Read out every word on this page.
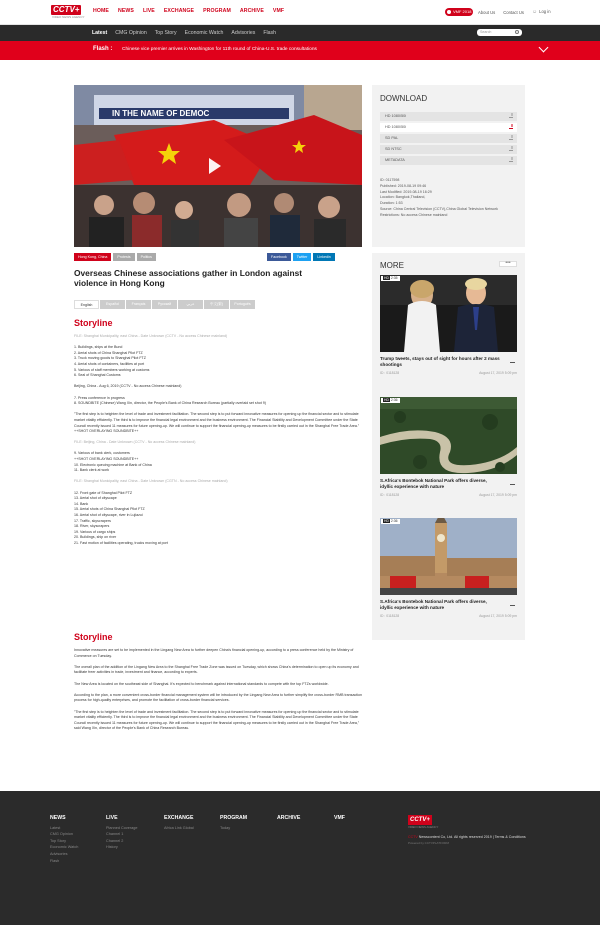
CCTV+
VIDEO NEWS AGENCY
HOME NEWS LIVE EXCHANGE PROGRAM ARCHIVE VMF	VMF 2018	About Us Contact Us
☺	Log in
Latest CMG Opinion Top Story Economic Watch Advisories Flash	Search
Flash : Chinese vice premier arrives in Washington for 11th round of China-U.S. trade consultations
IN THE NAME OF DEMOC
Hong Kong, China	Protests	Politics	Facebook	Twitter	Linkedin
Overseas Chinese associations gather in London against violence in Hong Kong
English	Español	Français	Pусский	عربي	中文(繁)	Português
Storyline

FILE: Shanghai Municipality, east China - Date Unknown (CCTV - No access Chinese mainland)

1. Buildings, ships at the Bund

2. Aerial shots of China Shanghai Pilot FTZ

3. Truck moving goods to Shanghai Pilot FTZ

4. Aerial shots of containers, facilities at port

5. Various of staff members working at customs

6. Seal of Shanghai Customs

Beijing, China - Aug 6, 2019 (CCTV - No access Chinese mainland)

7. Press conference in progress

8. SOUNDBITE (Chinese) Wang Xin, director, the People's Bank of China Research Bureau (partially overlaid set shot 9)

"The first step is to heighten the level of trade and investment facilitation. The second step is to put forward innovative measures for opening up the financial sector and to stimulate market vitality efficiently. The third is to improve the financial legal environment and the business environment. The Financial Stability and Development Committee under the State Council recently issued 11 measures for future opening-up. We will continue to support the financial opening-up measures to be firstly carried out in the Shanghai Free Trade Area."

++SHOT OVERLAYING SOUNDBITE++

FILE: Beijing, China - Date Unknown (CCTV - No access Chinese mainland)

9. Various of bank clerk, customers

++SHOT OVERLAYING SOUNDBITE++

10. Electronic queuing machine at Bank of China

11. Bank clerk at work

FILE: Shanghai Municipality, east China - Date Unknown (CGTN - No access Chinese mainland)

12. Front gate of Shanghai Pilot FTZ

13. Aerial shot of cityscape

14. Bank

15. Aerial shots of China Shanghai Pilot FTZ

16. Aerial shot of cityscape, river in Lujiazui

17. Traffic, skyscrapers

18. River, skyscrapers

19. Various of cargo ships

20. Buildings, ship on river

21. Fast motion of facilities operating, trucks moving at port

Storyline

Innovative measures are set to be implemented in the Lingang New Area to further deepen China's financial opening-up, according to a press conference held by the Ministry of Commerce on Tuesday.

The overall plan of the addition of the Lingang New Area to the Shanghai Free Trade Zone was issued on Tuesday, which shows China's determination to open up its economy and facilitate freer activities in trade, investment and finance, according to experts.

The New Area is located on the southeast side of Shanghai. It's expected to benchmark against international standards to compete with the top FTZs worldwide.

According to the plan, a more convenient cross-border financial management system will be introduced by the Lingang New Area to further simplify the cross-border RMB transaction process for high-quality enterprises, and promote the facilitation of cross-border financial services.

"The first step is to heighten the level of trade and investment facilitation. The second step is to put forward innovative measures for opening up the financial sector and to stimulate market vitality efficiently. The third is to improve the financial legal environment and the business environment. The Financial Stability and Development Committee under the State Council recently issued 11 measures for future opening-up. We will continue to support the financial opening-up measures to be firstly carried out in the Shanghai Free Trade Area," said Wang Xin, director of the People's Bank of China Research Bureau.

DOWNLOAD
HD 1080/50i
HD 1080/50i
SD PAL
SD NTSC
METADATA
ID: 0117598
Published: 2019-08-19 09:46
Last Modified: 2019-08-19 16:29
Location: Bangkok,Thailand,
Duration: 1:53
Source: China Central Television (CCTV),China Global Television Network
Restrictions: No access Chinese mainland
MORE	•••
HD 2:35
Trump tweets, stays out of sight for hours after 2 mass shootings
ID : 0118128	August 17, 2019 5:09 pm
HD 2:36
S.Africa's Bontebok National Park offers diverse, idyllic experience with nature
ID : 0118128	August 17, 2019 5:09 pm
HD 2:36
S.Africa's Bontebok National Park offers diverse, idyllic experience with nature
ID : 0118128	August 17, 2019 5:09 pm
NEWS
Latest
CMG Opinion
Top Story
Economic Watch
Advisories
Flash
LIVE
Planned Coverage
Channel 1
Channel 2
History
EXCHANGE
Africa Link Global
PROGRAM
Today
ARCHIVE	VMF	CCTV+
VIDEO NEWS AGENCY
CCTV Newscontent Co, Ltd. All rights reserved 2019 | Terms & Conditions
Powered by CCTVPLATFORM
